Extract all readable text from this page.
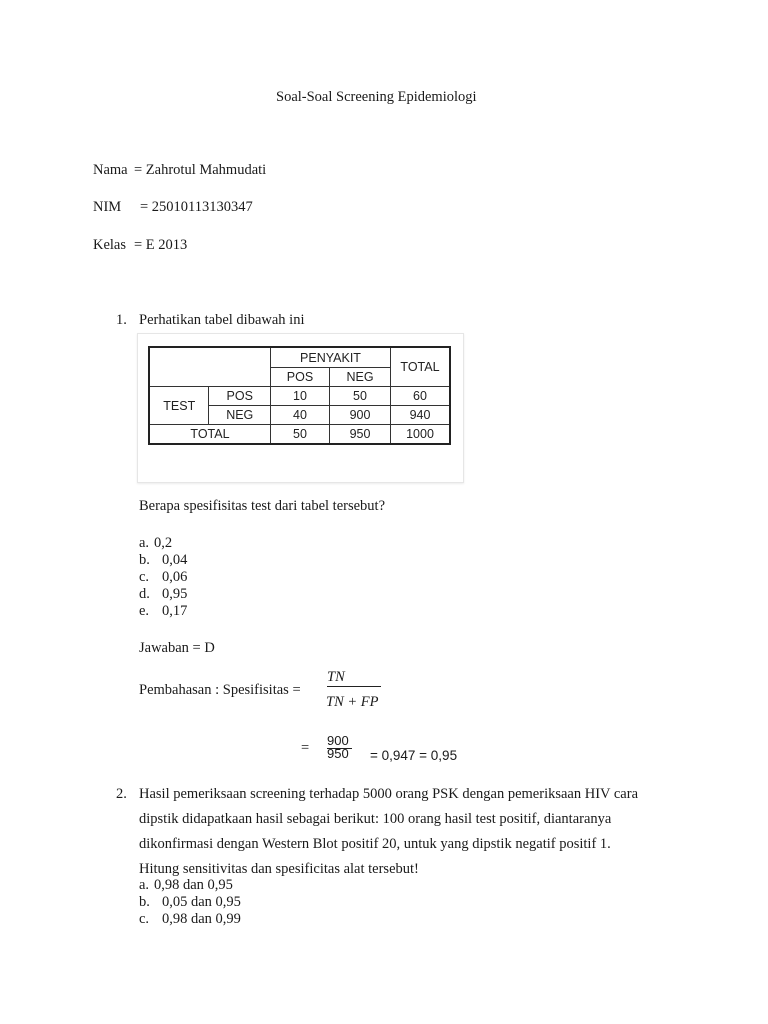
Soal-Soal Screening Epidemiologi
Nama = Zahrotul Mahmudati
NIM = 25010113130347
Kelas = E 2013
1. Perhatikan tabel dibawah ini
		PENYAKIT		TOTAL
		POS	NEG	
TEST	POS	10	50	60
	NEG	40	900	940
TOTAL		50	950	1000
Berapa spesifisitas test dari tabel tersebut?
a. 0,2
b. 0,04
c. 0,06
d. 0,95
e. 0,17
Jawaban = D
Pembahasan : Spesifisitas =
TN
TN + FP
= 900
950 = 0,947 = 0,95
2. Hasil pemeriksaan screening terhadap 5000 orang PSK dengan pemeriksaan HIV cara
dipstik didapatkaan hasil sebagai berikut: 100 orang hasil test positif, diantaranya
dikonfirmasi dengan Western Blot positif 20, untuk yang dipstik negatif positif 1.
Hitung sensitivitas dan spesificitas alat tersebut!
a. 0,98 dan 0,95
b. 0,05 dan 0,95
c. 0,98 dan 0,99
